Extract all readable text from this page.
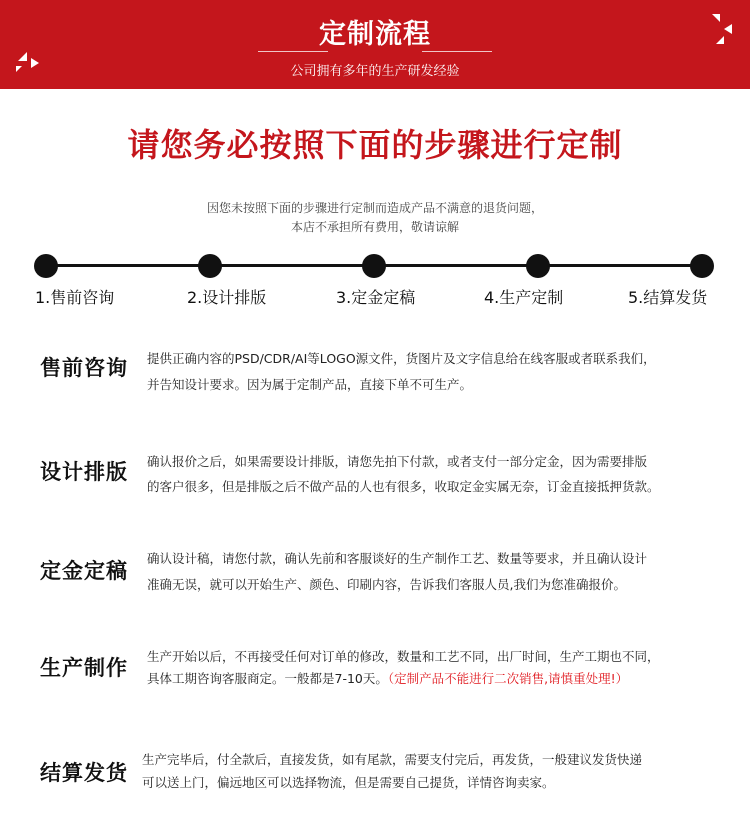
定制流程
公司拥有多年的生产研发经验
请您务必按照下面的步骤进行定制
因您未按照下面的步骤进行定制而造成产品不满意的退货问题，
本店不承担所有费用，敬请谅解
1.售前咨询	2.设计排版	3.定金定稿	4.生产定制	5.结算发货
售前咨询 提供正确内容的PSD/CDR/AI等LOGO源文件，货图片及文字信息给在线客服或者联系我们，
并告知设计要求。因为属于定制产品，直接下单不可生产。
设计排版 确认报价之后，如果需要设计排版，请您先拍下付款，或者支付一部分定金，因为需要排版
的客户很多，但是排版之后不做产品的人也有很多，收取定金实属无奈，订金直接抵押货款。
定金定稿
确认设计稿，请您付款，确认先前和客服谈好的生产制作工艺、数量等要求，并且确认设计
准确无误，就可以开始生产、颜色、印刷内容，告诉我们客服人员,我们为您准确报价。
生产制作 生产开始以后，不再接受任何对订单的修改，数量和工艺不同，出厂时间，生产工期也不同，
具体工期咨询客服商定。一般都是7-10天。（定制产品不能进行二次销售,请慎重处理!）
结算发货
生产完毕后，付全款后，直接发货，如有尾款，需要支付完后，再发货，一般建议发货快递
可以送上门，偏远地区可以选择物流，但是需要自己提货，详情咨询卖家。
